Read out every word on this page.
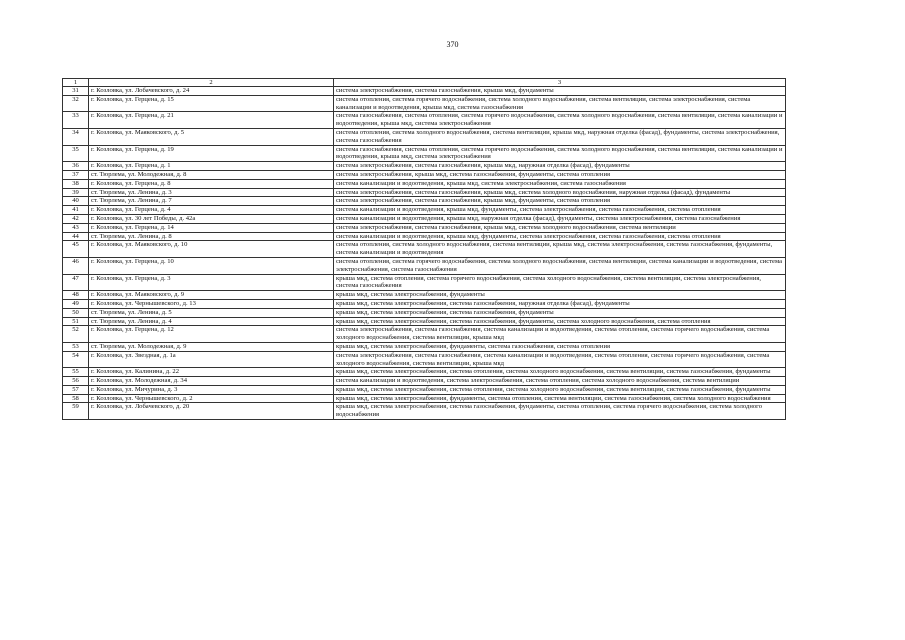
370
1	2	3
31	г. Козловка, ул. Лобачевского, д. 24	система электроснабжения, система газоснабжения, крыша мкд, фундаменты
32	г. Козловка, ул. Герцена, д. 15	система отопления, система горячего водоснабжения, система холодного водоснабжения, система вентиляции, система электроснабжения, система канализации и водоотведения, крыша мкд, система газоснабжения
33	г. Козловка, ул. Герцена, д. 21	система газоснабжения, система отопления, система горячего водоснабжения, система холодного водоснабжения, система вентиляции, система канализации и водоотведения, крыша мкд, система электроснабжения
34	г. Козловка, ул. Маяковского, д. 5	система отопления, система холодного водоснабжения, система вентиляции, крыша мкд, наружная отделка (фасад), фундаменты, система электроснабжения, система газоснабжения
35	г. Козловка, ул. Герцена, д. 19	система газоснабжения, система отопления, система горячего водоснабжения, система холодного водоснабжения, система вентиляции, система канализации и водоотведения, крыша мкд, система электроснабжения
36	г. Козловка, ул. Герцена, д. 1	система электроснабжения, система газоснабжения, крыша мкд, наружная отделка (фасад), фундаменты
37	ст. Тюрлема, ул. Молодежная, д. 8	система электроснабжения, крыша мкд, система газоснабжения, фундаменты, система отопления
38	г. Козловка, ул. Герцена, д. 8	система канализации и водоотведения, крыша мкд, система электроснабжения, система газоснабжения
39	ст. Тюрлема, ул. Ленина, д. 3	система электроснабжения, система газоснабжения, крыша мкд, система холодного водоснабжения, наружная отделка (фасад), фундаменты
40	ст. Тюрлема, ул. Ленина, д. 7	система электроснабжения, система газоснабжения, крыша мкд, фундаменты, система отопления
41	г. Козловка, ул. Герцена, д. 4	система канализации и водоотведения, крыша мкд, фундаменты, система электроснабжения, система газоснабжения, система отопления
42	г. Козловка, ул. 30 лет Победы, д. 42а	система канализации и водоотведения, крыша мкд, наружная отделка (фасад), фундаменты, система электроснабжения, система газоснабжения
43	г. Козловка, ул. Герцена, д. 14	система электроснабжения, система газоснабжения, крыша мкд, система холодного водоснабжения, система вентиляции
44	ст. Тюрлема, ул. Ленина, д. 8	система канализации и водоотведения, крыша мкд, фундаменты, система электроснабжения, система газоснабжения, система отопления
45	г. Козловка, ул. Маяковского, д. 10	система отопления, система холодного водоснабжения, система вентиляции, крыша мкд, система электроснабжения, система газоснабжения, фундаменты, система канализации и водоотведения
46	г. Козловка, ул. Герцена, д. 10	система отопления, система горячего водоснабжения, система холодного водоснабжения, система вентиляции, система канализации и водоотведения, система электроснабжения, система газоснабжения
47	г. Козловка, ул. Герцена, д. 3	крыша мкд, система отопления, система горячего водоснабжения, система холодного водоснабжения, система вентиляции, система электроснабжения, система газоснабжения
48	г. Козловка, ул. Маяковского, д. 9	крыша мкд, система электроснабжения, фундаменты
49	г. Козловка, ул. Чернышевского, д. 13	крыша мкд, система электроснабжения, система газоснабжения, наружная отделка (фасад), фундаменты
50	ст. Тюрлема, ул. Ленина, д. 5	крыша мкд, система электроснабжения, система газоснабжения, фундаменты
51	ст. Тюрлема, ул. Ленина, д. 4	крыша мкд, система электроснабжения, система газоснабжения, фундаменты, система холодного водоснабжения, система отопления
52	г. Козловка, ул. Герцена, д. 12	система электроснабжения, система газоснабжения, система канализации и водоотведения, система отопления, система горячего водоснабжения, система холодного водоснабжения, система вентиляции, крыша мкд
53	ст. Тюрлема, ул. Молодежная, д. 9	крыша мкд, система электроснабжения, фундаменты, система газоснабжения, система отопления
54	г. Козловка, ул. Звездная, д. 1а	система электроснабжения, система газоснабжения, система канализации и водоотведения, система отопления, система горячего водоснабжения, система холодного водоснабжения, система вентиляции, крыша мкд
55	г. Козловка, ул. Калинина, д. 22	крыша мкд, система электроснабжения, система отопления, система холодного водоснабжения, система вентиляции, система газоснабжения, фундаменты
56	г. Козловка, ул. Молодежная, д. 34	система канализации и водоотведения, система электроснабжения, система отопления, система холодного водоснабжения, система вентиляции
57	г. Козловка, ул. Мичурина, д. 3	крыша мкд, система электроснабжения, система отопления, система холодного водоснабжения, система вентиляции, система газоснабжения, фундаменты
58	г. Козловка, ул. Чернышевского, д. 2	крыша мкд, система электроснабжения, фундаменты, система отопления, система вентиляции, система газоснабжения, система холодного водоснабжения
59	г. Козловка, ул. Лобачевского, д. 20	крыша мкд, система электроснабжения, система газоснабжения, фундаменты, система отопления, система горячего водоснабжения, система холодного водоснабжения
